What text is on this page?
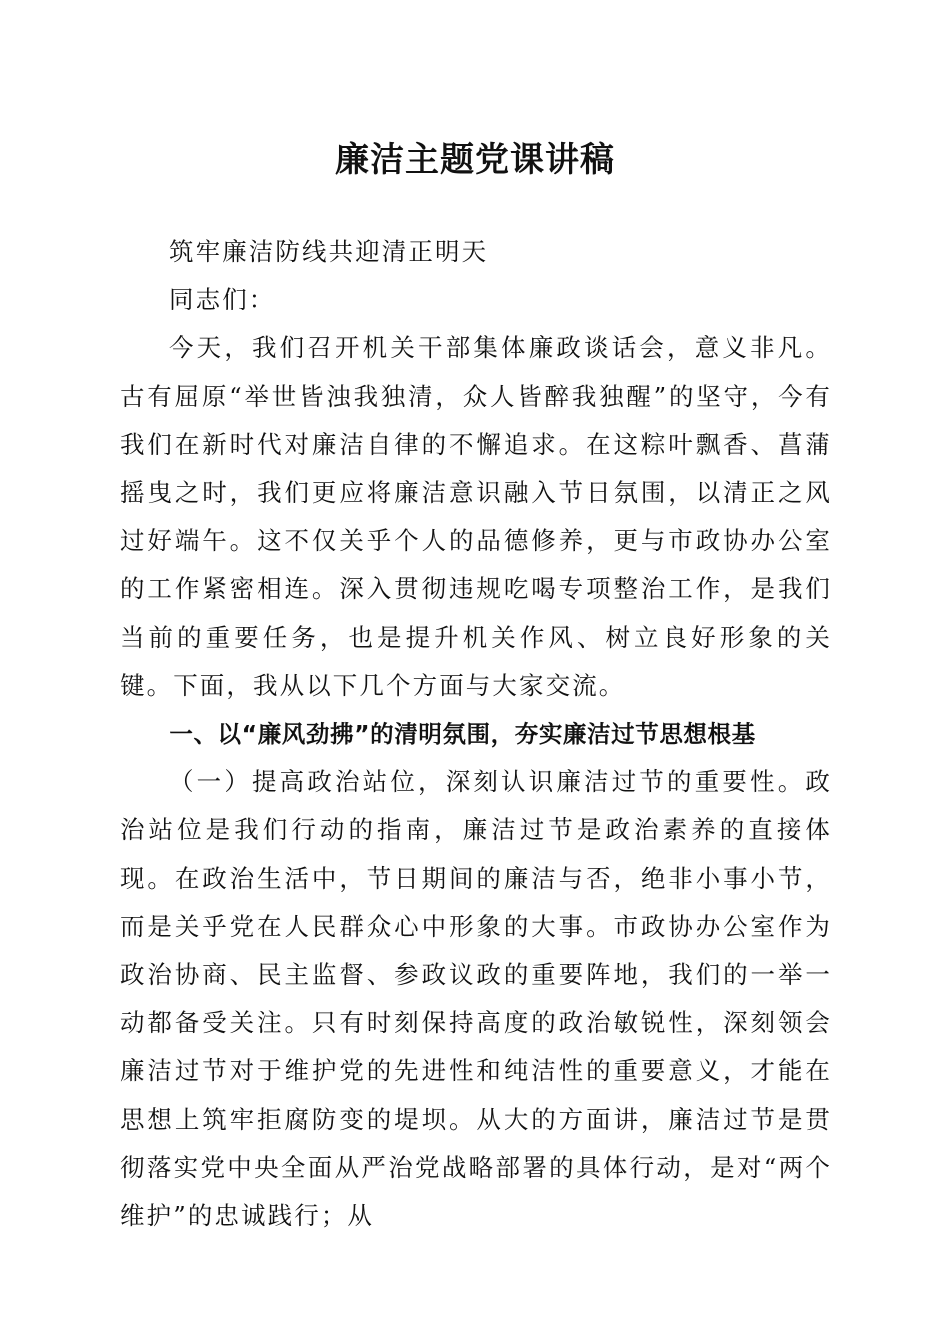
廉洁主题党课讲稿

筑牢廉洁防线共迎清正明天

同志们：

今天，我们召开机关干部集体廉政谈话会，意义非凡。古有屈原“举世皆浊我独清，众人皆醉我独醒”的坚守，今有我们在新时代对廉洁自律的不懈追求。在这粽叶飘香、菖蒲摇曳之时，我们更应将廉洁意识融入节日氛围，以清正之风过好端午。这不仅关乎个人的品德修养，更与市政协办公室的工作紧密相连。深入贯彻违规吃喝专项整治工作，是我们当前的重要任务，也是提升机关作风、树立良好形象的关键。下面，我从以下几个方面与大家交流。

一、以“廉风劲拂”的清明氛围，夯实廉洁过节思想根基

（一）提高政治站位，深刻认识廉洁过节的重要性。政治站位是我们行动的指南，廉洁过节是政治素养的直接体现。在政治生活中，节日期间的廉洁与否，绝非小事小节，而是关乎党在人民群众心中形象的大事。市政协办公室作为政治协商、民主监督、参政议政的重要阵地，我们的一举一动都备受关注。只有时刻保持高度的政治敏锐性，深刻领会廉洁过节对于维护党的先进性和纯洁性的重要意义，才能在思想上筑牢拒腐防变的堤坝。从大的方面讲，廉洁过节是贯彻落实党中央全面从严治党战略部署的具体行动，是对“两个维护”的忠诚践行；从
